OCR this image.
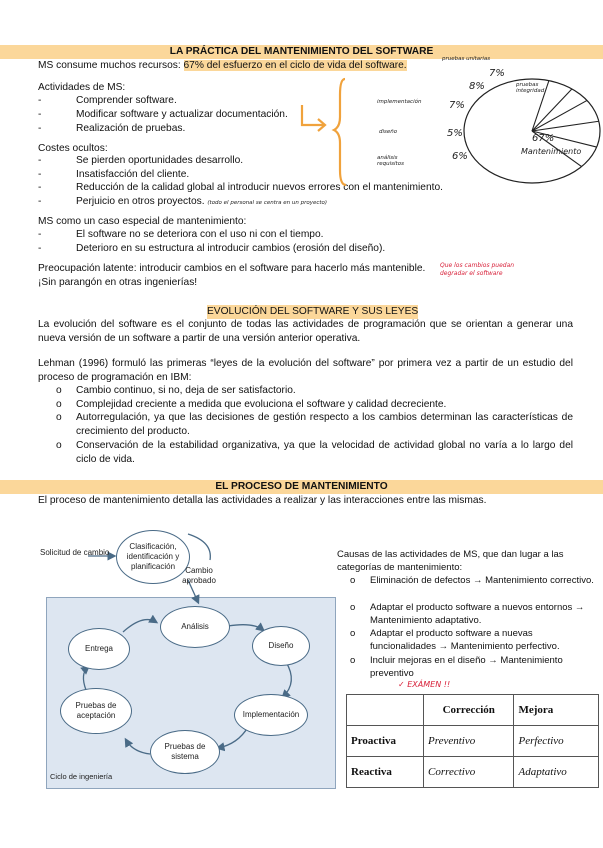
LA PRÁCTICA DEL MANTENIMIENTO DEL SOFTWARE
MS consume muchos recursos: 67% del esfuerzo en el ciclo de vida del software.
Actividades de MS:
- Comprender software.
- Modificar software y actualizar documentación.
- Realización de pruebas.
Costes ocultos:
- Se pierden oportunidades desarrollo.
- Insatisfacción del cliente.
- Reducción de la calidad global al introducir nuevos errores con el mantenimiento.
- Perjuicio en otros proyectos. (todo el personal se centra en un proyecto)
MS como un caso especial de mantenimiento:
- El software no se deteriora con el uso ni con el tiempo.
- Deterioro en su estructura al introducir cambios (erosión del diseño).
Preocupación latente: introducir cambios en el software para hacerlo más mantenible. Que los cambios puedan degradar el software
¡Sin parangón en otras ingenierías!
pruebas unitarias
pruebas integridad
implementación
diseño
análisis requisitos
7%
8%
7%
5%
6%
67%
Mantenimiento
EVOLUCIÓN DEL SOFTWARE Y SUS LEYES
La evolución del software es el conjunto de todas las actividades de programación que se orientan a generar una nueva versión de un software a partir de una versión anterior operativa.
Lehman (1996) formuló las primeras “leyes de la evolución del software” por primera vez a partir de un estudio del proceso de programación en IBM:
o Cambio continuo, si no, deja de ser satisfactorio.
o Complejidad creciente a medida que evoluciona el software y calidad decreciente.
o Autorregulación, ya que las decisiones de gestión respecto a los cambios determinan las características de crecimiento del producto.
o Conservación de la estabilidad organizativa, ya que la velocidad de actividad global no varía a lo largo del ciclo de vida.
EL PROCESO DE MANTENIMIENTO
El proceso de mantenimiento detalla las actividades a realizar y las interacciones entre las mismas.
Solicitud de cambio
Clasificación, identificación y planificación	Cambio aprobado
Análisis
Diseño
Implementación
Pruebas de sistema
Pruebas de aceptación
Entrega
Ciclo de ingeniería
Causas de las actividades de MS, que dan lugar a las categorías de mantenimiento:
o Eliminación de defectos → Mantenimiento correctivo.
o Adaptar el producto software a nuevos entornos → Mantenimiento adaptativo.
o Adaptar el producto software a nuevas funcionalidades → Mantenimiento perfectivo.
o Incluir mejoras en el diseño → Mantenimiento preventivo
✓ EXÁMEN !!
	Corrección	Mejora
Proactiva	Preventivo	Perfectivo
Reactiva	Correctivo	Adaptativo
